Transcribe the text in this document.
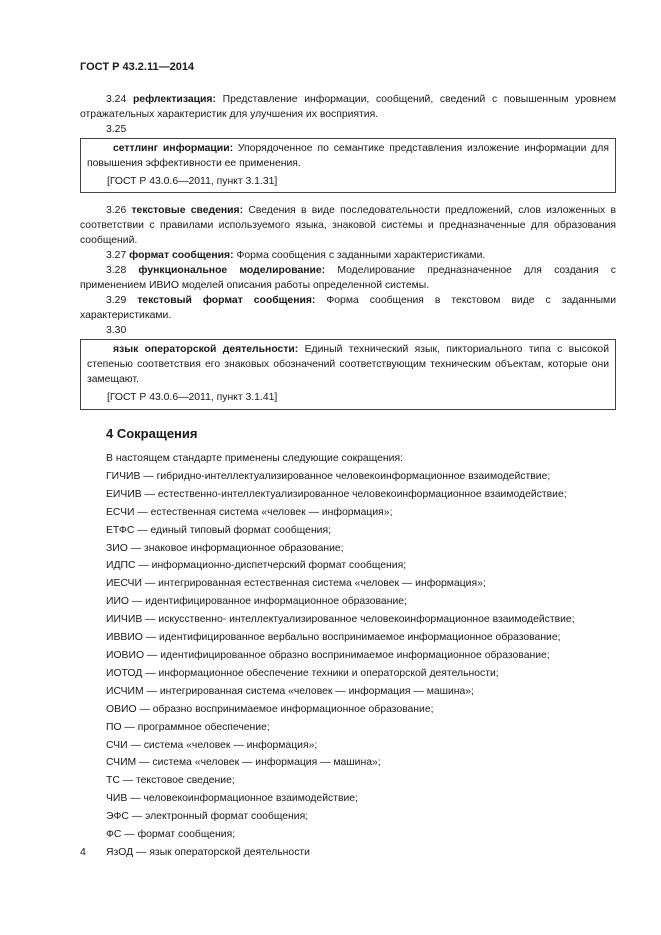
ГОСТ Р 43.2.11—2014

3.24 рефлектизация: Представление информации, сообщений, сведений с повышенным уровнем отражательных характеристик для улучшения их восприятия.

3.25

сеттлинг информации: Упорядоченное по семантике представления изложение информации для повышения эффективности ее применения.

[ГОСТ Р 43.0.6—2011, пункт 3.1.31]

3.26 текстовые сведения: Сведения в виде последовательности предложений, слов изложенных в соответствии с правилами используемого языка, знаковой системы и предназначенные для образования сообщений.

3.27 формат сообщения: Форма сообщения с заданными характеристиками.

3.28 функциональное моделирование: Моделирование предназначенное для создания с применением ИВИО моделей описания работы определенной системы.

3.29 текстовый формат сообщения: Форма сообщения в текстовом виде с заданными характеристиками.

3.30

язык операторской деятельности: Единый технический язык, пикториального типа с высокой степенью соответствия его знаковых обозначений соответствующим техническим объектам, которые они замещают.

[ГОСТ Р 43.0.6—2011, пункт 3.1.41]

4 Сокращения

В настоящем стандарте применены следующие сокращения:

ГИЧИВ — гибридно-интеллектуализированное человекоинформационное взаимодействие;

ЕИЧИВ — естественно-интеллектуализированное человекоинформационное взаимодействие;

ЕСЧИ — естественная система «человек — информация»;

ЕТФС — единый типовый формат сообщения;

ЗИО — знаковое информационное образование;

ИДПС — информационно-диспетчерский формат сообщения;

ИЕСЧИ — интегрированная естественная система «человек — информация»;

ИИО — идентифицированное информационное образование;

ИИЧИВ — искусственно- интеллектуализированное человекоинформационное взаимодействие;

ИВВИО — идентифицированное вербально воспринимаемое информационное образование;

ИОВИО — идентифицированное образно воспринимаемое информационное образование;

ИОТОД — информационное обеспечение техники и операторской деятельности;

ИСЧИМ — интегрированная система «человек — информация — машина»;

ОВИО — образно воспринимаемое информационное образование;

ПО — программное обеспечение;

СЧИ — система «человек — информация»;

СЧИМ — система «человек — информация — машина»;

ТС — текстовое сведение;

ЧИВ — человекоинформационное взаимодействие;

ЭФС — электронный формат сообщения;

ФС — формат сообщения;

ЯзОД — язык операторской деятельности

4
